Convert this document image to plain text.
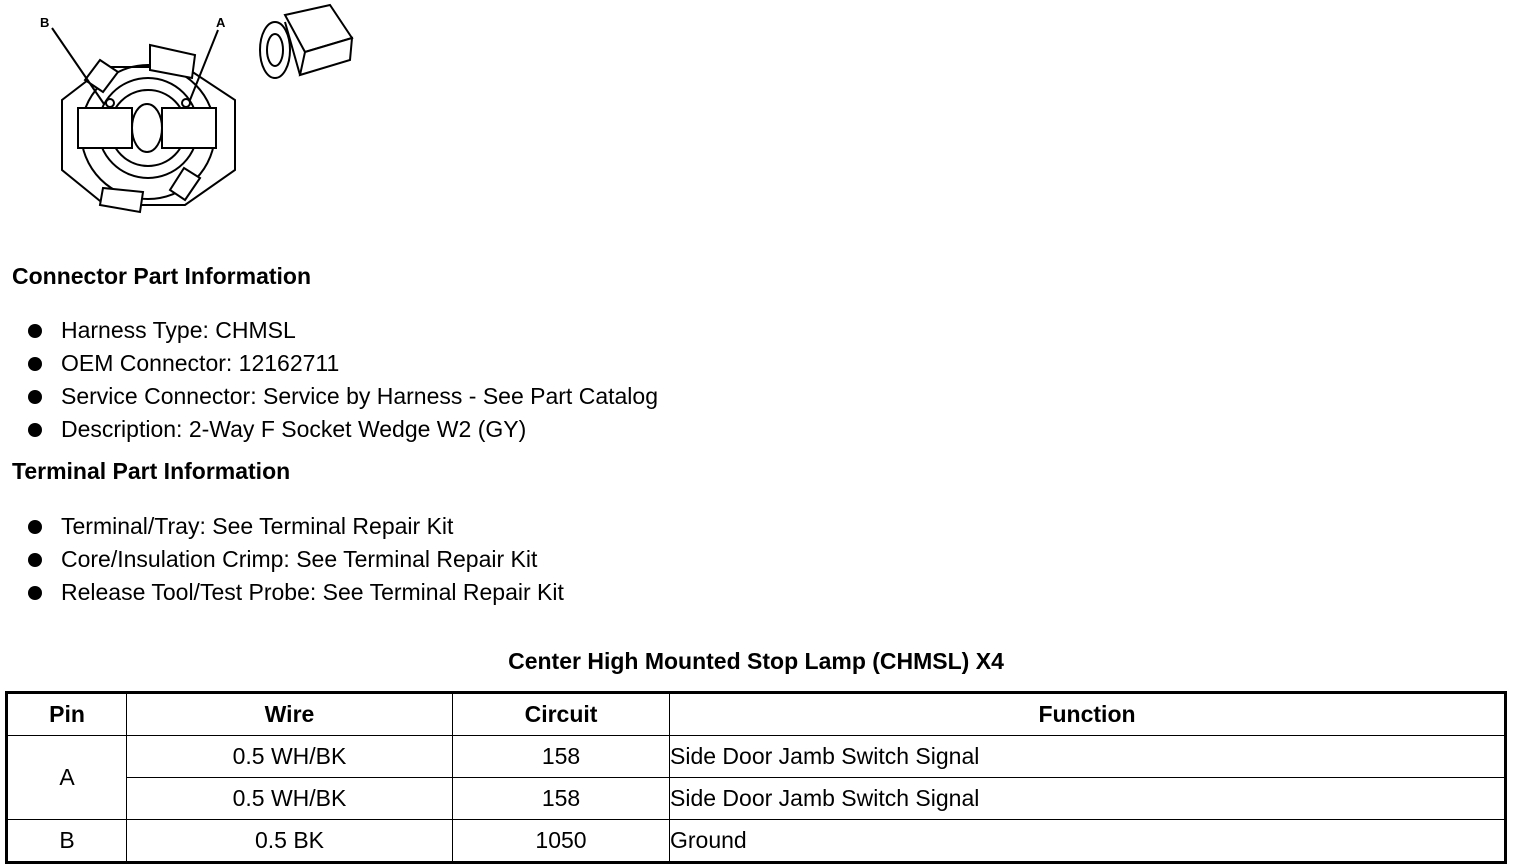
B	A
Connector Part Information
Harness Type: CHMSL
OEM Connector: 12162711
Service Connector: Service by Harness - See Part Catalog
Description: 2-Way F Socket Wedge W2 (GY)
Terminal Part Information
Terminal/Tray: See Terminal Repair Kit
Core/Insulation Crimp: See Terminal Repair Kit
Release Tool/Test Probe: See Terminal Repair Kit
Center High Mounted Stop Lamp (CHMSL) X4
Pin	Wire	Circuit	Function
A	0.5 WH/BK	158	Side Door Jamb Switch Signal
	0.5 WH/BK	158	Side Door Jamb Switch Signal
B	0.5 BK	1050	Ground
